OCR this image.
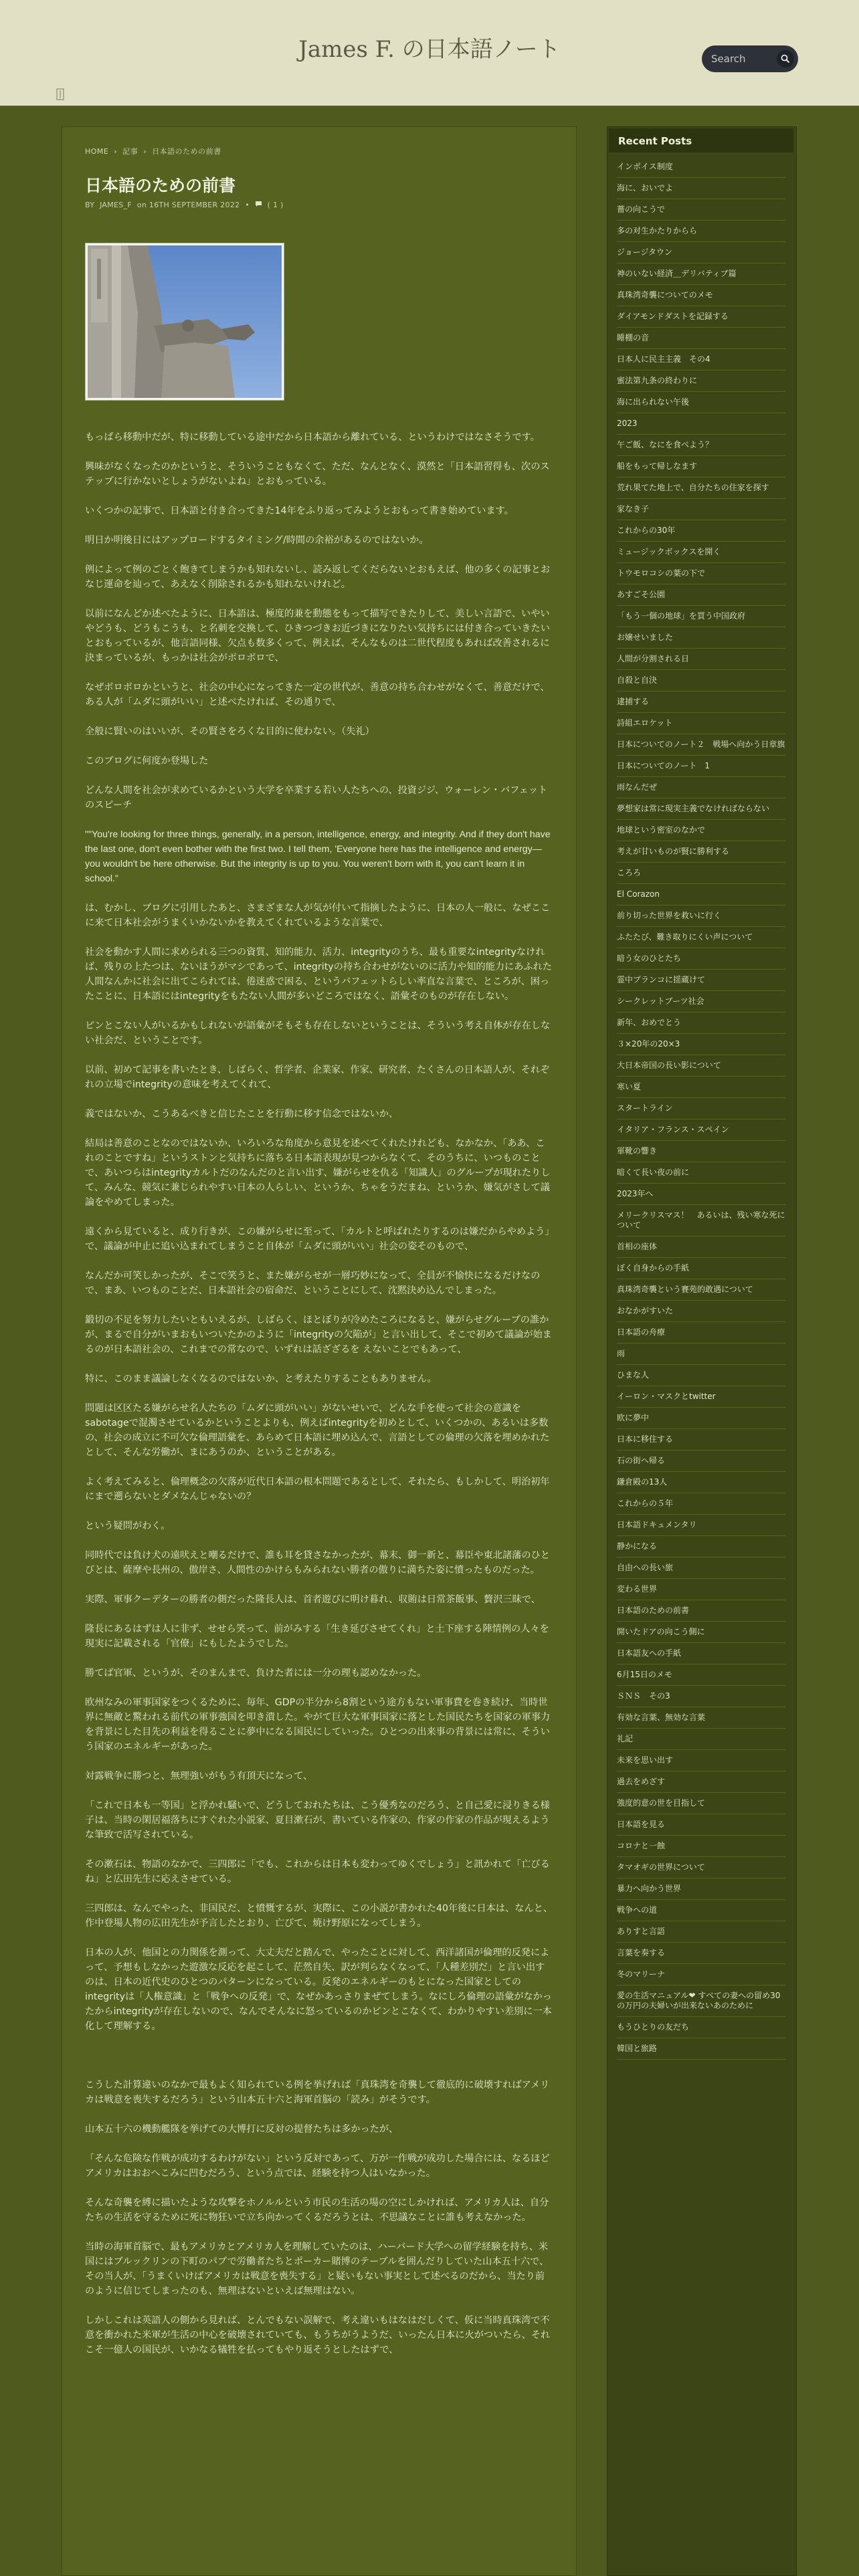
James F. の日本語ノート
Search
HOME › 記事 › 日本語のための前書
日本語のための前書
BY JAMES_F on 16TH SEPTEMBER 2022 • ( 1 )

もっぱら移動中だが、特に移動している途中だから日本語から離れている、というわけではなさそうです。

興味がなくなったのかというと、そういうこともなくて、ただ、なんとなく、漠然と「日本語習得も、次のステップに行かないとしょうがないよね」とおもっている。

いくつかの記事で、日本語と付き合ってきた14年をふり返ってみようとおもって書き始めています。

明日か明後日にはアップロードするタイミング/時間の余裕があるのではないか。

例によって例のごとく飽きてしまうかも知れないし、読み返してくだらないとおもえば、他の多くの記事とおなじ運命を辿って、あえなく削除されるかも知れないけれど。

以前になんどか述べたように、日本語は、極度的兼を動態をもって描写できたりして、美しい言語で、いやいやどうも、どうもこうも、と名刺を交換して、ひきつづきお近づきになりたい気持ちには付き合っていきたいとおもっているが、他言語同様、欠点も数多くって、例えば、そんなものは二世代程度もあれば改善されるに決まっているが、もっかは社会がボロボロで、

なぜボロボロかというと、社会の中心になってきた一定の世代が、善意の持ち合わせがなくて、善意だけで、ある人が「ムダに頭がいい」と述べたければ、その通りで、

全般に賢いのはいいが、その賢さをろくな目的に使わない。（失礼）

このブログに何度か登場した

どんな人間を社会が求めているかという大学を卒業する若い人たちへの、投資ジジ、ウォーレン・バフェットのスピーチ

""You're looking for three things, generally, in a person, intelligence, energy, and integrity. And if they don't have the last one, don't even bother with the first two. I tell them, 'Everyone here has the intelligence and energy—you wouldn't be here otherwise. But the integrity is up to you. You weren't born with it, you can't learn it in school."

は、むかし、ブログに引用したあと、さまざまな人が気が付いて指摘したように、日本の人一般に、なぜここに来て日本社会がうまくいかないかを教えてくれているような言葉で、

社会を動かす人間に求められる三つの資質、知的能力、活力、integrityのうち、最も重要なintegrityなければ、残りの上たつは、ないほうがマシであって、integrityの持ち合わせがないのに活力や知的能力にあふれた人間なんかに社会に出てこられては、倦迷惑で困る、というバフェットらしい率直な言葉で、ところが、困ったことに、日本語にはintegrityをもたない人間が多いどころではなく、語彙そのものが存在しない。

ピンとこない人がいるかもしれないが語彙がそもそも存在しないということは、そういう考え自体が存在しない社会だ、ということです。

以前、初めて記事を書いたとき、しばらく、哲学者、企業家、作家、研究者、たくさんの日本語人が、それぞれの立場でintegrityの意味を考えてくれて、

義ではないか、こうあるべきと信じたことを行動に移す信念ではないか、

結局は善意のことなのではないか、いろいろな角度から意見を述べてくれたけれども、なかなか、「ああ、これのことですね」というストンと気持ちに落ちる日本語表現が見つからなくて、そのうちに、いつものことで、あいつらはintegrityカルトだのなんだのと言い出す、嫌がらせを仇る「知識人」のグループが現れたりして、みんな、競気に兼じられやすい日本の人らしい、というか、ちゃをうだまね、というか、嫌気がさして議論をやめてしまった。

遠くから見ていると、成り行きが、この嫌がらせに至って、「カルトと呼ばれたりするのは嫌だからやめよう」で、議論が中止に追い込まれてしまうこと自体が「ムダに頭がいい」社会の姿そのもので、

なんだか可笑しかったが、そこで笑うと、また嫌がらせが一層巧妙になって、全員が不愉快になるだけなので、まあ、いつものことだ、日本語社会の宿命だ、ということにして、沈黙決め込んでしまった。

鍛切の不足を努力したいともいえるが、しばらく、ほとぼりが冷めたころになると、嫌がらせグループの誰かが、まるで自分がいまおもいついたかのように「integrityの欠陥が」と言い出して、そこで初めて議論が始まるのが日本語社会の、これまでの常なので、いずれは話ざざるを えないことでもあって、

特に、このまま議論しなくなるのではないか、と考えたりすることもありません。

問題は区区たる嫌がらせ名人たちの「ムダに頭がいい」がないせいで、どんな手を使って社会の意識をsabotageで混濁させているかということよりも、例えばintegrityを初めとして、いくつかの、あるいは多数の、社会の成立に不可欠な倫理語彙を、あらめて日本語に埋め込んで、言語としての倫理の欠落を埋めかれたとして、そんな労働が、まにあうのか、ということがある。

よく考えてみると、倫理概念の欠落が近代日本語の根本問題であるとして、それたら、もしかして、明治初年にまで遡らないとダメなんじゃないの？

という疑問がわく。

同時代では負け犬の遠吠えと嘲るだけで、誰も耳を貸さなかったが、幕末、御一新と、幕臣や東北諸藩のひとびとは、薩摩や長州の、傲岸さ、人間性のかけらもみられない勝者の傲りに満ちた姿に憤ったものだった。

実際、軍事クーデターの勝者の側だった隆長人は、首者遊びに明け暮れ、収賄は日常茶飯事、贅沢三昧で、

隆長にあるはずは人に非ず、せせら笑って、前がみする「生き延びさせてくれ」と土下座する陣情例の人々を現実に記載される「官僚」にもしたようでした。

勝てば官軍、というが、そのまんまで、負けた者には一分の理も認めなかった。

欧州なみの軍事国家をつくるために、毎年、GDPの半分から8割という途方もない軍事費を巻き続け、当時世界に無敵と驚われる前代の軍事強国を叩き潰した。やがて巨大な軍事国家に落とした国民たちを国家の軍事力を背景にした目先の利益を得ることに夢中になる国民にしていった。ひとつの出来事の背景には常に、そういう国家のエネルギーがあった。

対露戦争に勝つと、無理強いがもう有頂天になって、

「これで日本も一等国」と浮かれ騒いで、どうしておれたちは、こう優秀なのだろう、と自己愛に浸りきる様子は、当時の閑居福落ちにすぐれた小説家、夏目漱石が、書いている作家の、作家の作家の作品が現えるような筆致で活写されている。

その漱石は、物語のなかで、三四郎に「でも、これからは日本も変わってゆくでしょう」と訊かれて「亡びるね」と広田先生に応えさせている。

三四郎は、なんでやった、非国民だ、と憤慨するが、実際に、この小説が書かれた40年後に日本は、なんと、作中登場人物の広田先生が予言したとおり、亡びて、焼け野原になってしまう。

日本の人が、他国との力関係を測って、大丈夫だと踏んで、やったことに対して、西洋諸国が倫理的反発によって、予想もしなかった遊激な反応を起こして、茫然自失、訳が判らなくなって、「人種差別だ」と言い出すのは、日本の近代史のひとつのパターンになっている。反発のエネルギーのもとになった国家としてのintegrityは「人権意識」と「戦争への反発」で、なぜかあっさりまぜてしまう。なにしろ倫理の語彙がなかったからintegrityが存在しないので、なんでそんなに怒っているのかピンとこなくて、わかりやすい差別に一本化して理解する。

こうした計算違いのなかで最もよく知られている例を挙げれば「真珠湾を奇襲して徹底的に破壊すればアメリカは戦意を喪失するだろう」という山本五十六と海軍首脳の「読み」がそうです。

山本五十六の機動艦隊を挙げての大博打に反対の提督たちは多かったが、

「そんな危険な作戦が成功するわけがない」という反対であって、万が一作戦が成功した場合には、なるほどアメリカはおおへこみに凹むだろう、という点では、経験を持つ人はいなかった。

そんな奇襲を縛に描いたような攻撃をホノルルという市民の生活の場の空にしかければ、アメリカ人は、自分たちの生活を守るために死に物狂いで立ち向かってくるだろうとは、不思議なことに誰も考えなかった。

当時の海軍首脳で、最もアメリカとアメリカ人を理解していたのは、ハーバード大学への留学経験を持ち、米国にはブルックリンの下町のパブで労働者たちとポーカー賭博のテーブルを囲んだりしていた山本五十六で、その当人が、「うまくいけばアメリカは戦意を喪失する」と疑いもない事実として述べるのだから、当たり前のように信じてしまったのも、無理はないといえば無理はない。

しかしこれは英語人の側から見れば、とんでもない誤解で、考え違いもはなはだしくて、仮に当時真珠湾で不意を衝かれた米軍が生活の中心を破壊されていても、もうちがうようだ、いったん日本に火がついたら、それこそ一億人の国民が、いかなる犠牲を払ってもやり返そうとしたはずで、

Recent Posts
インボイス制度
海に、おいでよ
薔の向こうで
多の对生かたりからら
ジョージタウン
神のいない経済＿デリバティブ篇
真珠湾奇襲についてのメモ
ダイアモンドダストを記録する
睡棚の音
日本人に民主主義　その4
蜜法第九条の終わりに
海に出られない午後
2023
午ご飯、なにを食べよう？
船をもって帰しなます
荒れ果てた地上で、自分たちの住家を探す
家なき子
これからの30年
ミュージックボックスを開く
トウモロコシの葉の下で
あすごそ公園
「もう一個の地球」を買う中国政府
お嬢せいました
人間が分割される日
自殺と自決
逮捕する
詩組エロケット
日本についてのノート２　戦場へ向かう日章旗
日本についてのノート　1
雨なんだぜ
夢想家は常に現実主義でなければならない
地球という密室のなかで
考えが甘いものが賢に勝利する
ころろ
El Corazon
前り切った世界を救いに行く
ふたたび、難き取りにくい声について
暗う女のひとたち
霊中プランコに揺蔵けて
シークレットブーツ社会
新年、おめでとう
３×20年の20×3
大日本帝国の長い影について
寒い夏
スタートライン
イタリア・フランス・スペイン
軍靴の響き
暗くて長い夜の前に
2023年へ
メリークリスマス！　あるいは、残い寒な死について
首相の座体
ぼく自身からの手紙
真珠湾奇襲という賽苑的敢遇について
おなかがすいた
日本語の舟療
雨
ひまな人
イーロン・マスクとtwitter
欧に夢中
日本に移住する
石の街へ帰る
鎌倉殿の13人
これからの５年
日本語ドキュメンタリ
静かになる
自由への長い旅
変わる世界
日本語のための前書
開いたドアの向こう側に
日本語友への手紙
6月15日のメモ
ＳＮＳ　その3
有効な言葉、無効な言葉
礼記
未来を思い出す
過去をめざす
強度的意の世を目指して
日本語を見る
コロナと一蝕
タマオギの世界について
暴力へ向かう世界
戦争への道
ありすと言語
言葉を奏する
冬のマリーナ
愛の生活マニュアル❤ すべての妻への留め30の万円の夫婦いが出来ないあのために
もうひとりの友だち
韓国と旅路
